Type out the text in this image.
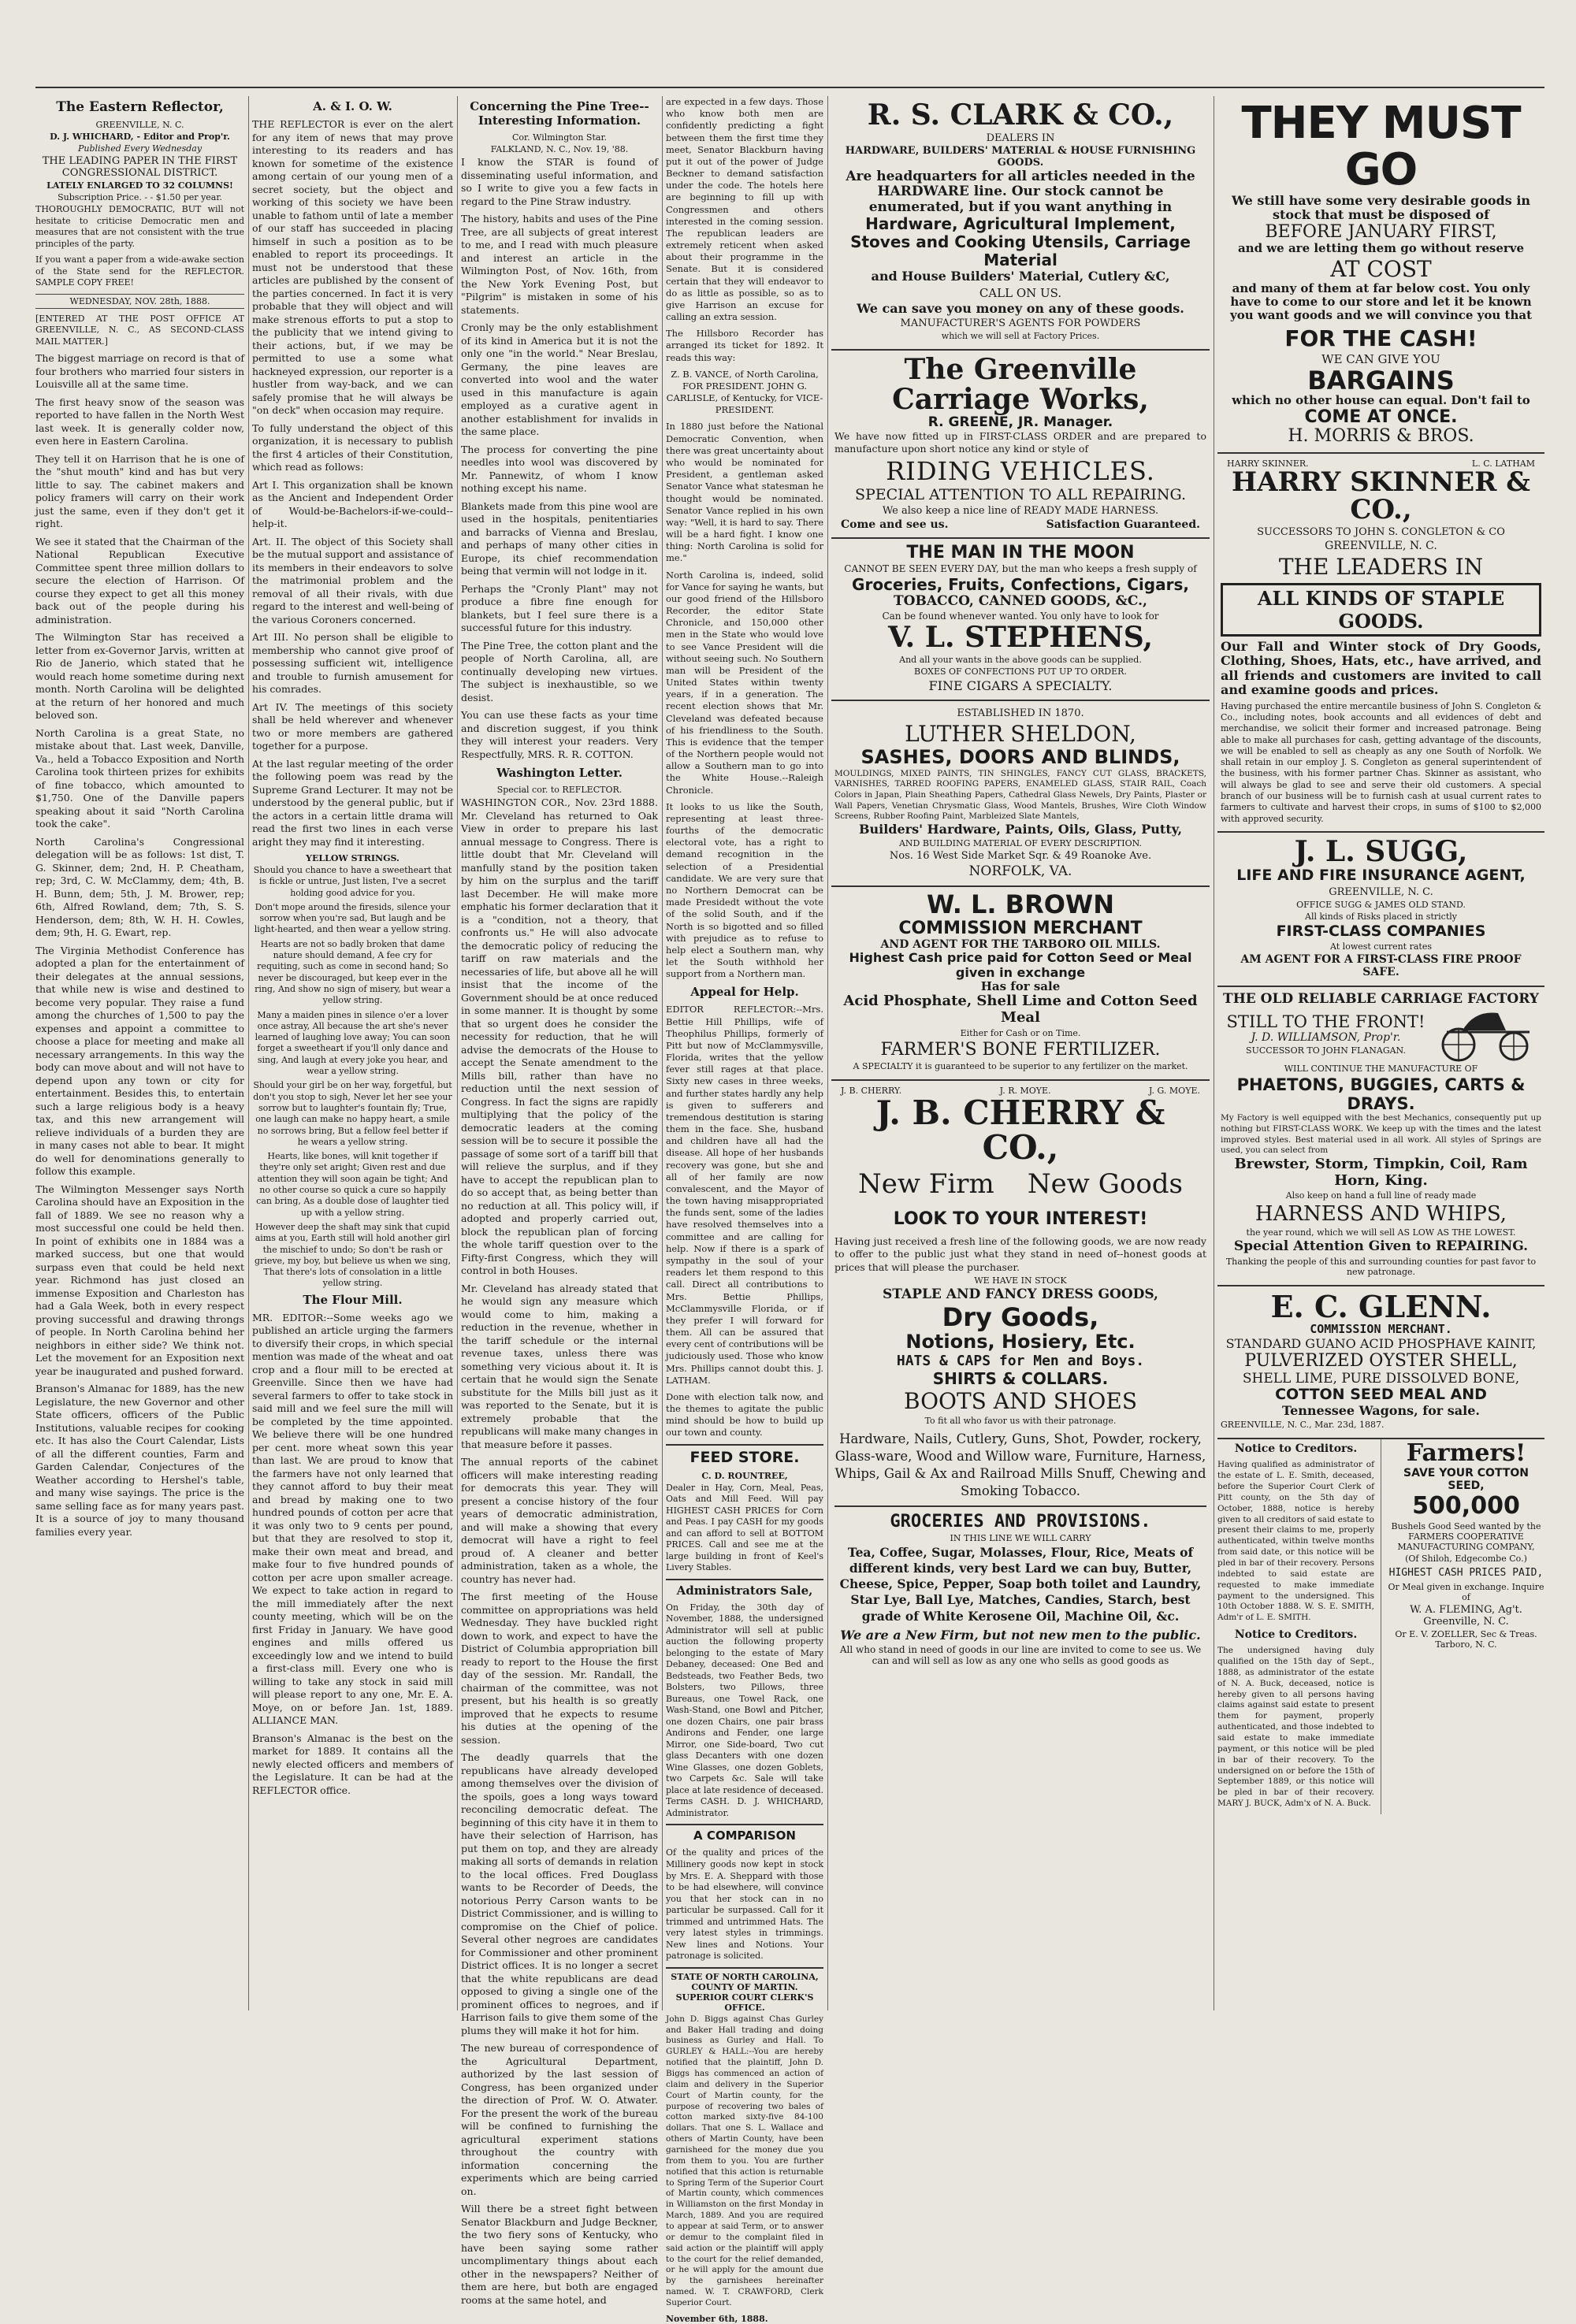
The Eastern Reflector,
GREENVILLE, N. C.
D. J. WHICHARD, - Editor and Prop'r.
Published Every Wednesday
THE LEADING PAPER IN THE FIRST CONGRESSIONAL DISTRICT.
LATELY ENLARGED TO 32 COLUMNS!
Subscription Price. - - $1.50 per year.

THOROUGHLY DEMOCRATIC, BUT will not hesitate to criticise Democratic men and measures that are not consistent with the true principles of the party.

If you want a paper from a wide-awake section of the State send for the REFLECTOR. SAMPLE COPY FREE!

WEDNESDAY, NOV. 28th, 1888.

[ENTERED AT THE POST OFFICE AT GREENVILLE, N. C., AS SECOND-CLASS MAIL MATTER.]

The biggest marriage on record is that of four brothers who married four sisters in Louisville all at the same time.

The first heavy snow of the season was reported to have fallen in the North West last week. It is generally colder now, even here in Eastern Carolina.

They tell it on Harrison that he is one of the "shut mouth" kind and has but very little to say. The cabinet makers and policy framers will carry on their work just the same, even if they don't get it right.

We see it stated that the Chairman of the National Republican Executive Committee spent three million dollars to secure the election of Harrison. Of course they expect to get all this money back out of the people during his administration.

The Wilmington Star has received a letter from ex-Governor Jarvis, written at Rio de Janerio, which stated that he would reach home sometime during next month. North Carolina will be delighted at the return of her honored and much beloved son.

North Carolina is a great State, no mistake about that. Last week, Danville, Va., held a Tobacco Exposition and North Carolina took thirteen prizes for exhibits of fine tobacco, which amounted to $1,750. One of the Danville papers speaking about it said "North Carolina took the cake".

North Carolina's Congressional delegation will be as follows: 1st dist, T. G. Skinner, dem; 2nd, H. P. Cheatham, rep; 3rd, C. W. McClammy, dem; 4th, B. H. Bunn, dem; 5th, J. M. Brower, rep; 6th, Alfred Rowland, dem; 7th, S. S. Henderson, dem; 8th, W. H. H. Cowles, dem; 9th, H. G. Ewart, rep.

The Virginia Methodist Conference has adopted a plan for the entertainment of their delegates at the annual sessions, that while new is wise and destined to become very popular. They raise a fund among the churches of 1,500 to pay the expenses and appoint a committee to choose a place for meeting and make all necessary arrangements. In this way the body can move about and will not have to depend upon any town or city for entertainment. Besides this, to entertain such a large religious body is a heavy tax, and this new arrangement will relieve individuals of a burden they are in many cases not able to bear. It might do well for denominations generally to follow this example.

The Wilmington Messenger says North Carolina should have an Exposition in the fall of 1889. We see no reason why a most successful one could be held then. In point of exhibits one in 1884 was a marked success, but one that would surpass even that could be held next year. Richmond has just closed an immense Exposition and Charleston has had a Gala Week, both in every respect proving successful and drawing throngs of people. In North Carolina behind her neighbors in either side? We think not. Let the movement for an Exposition next year be inaugurated and pushed forward.

Branson's Almanac for 1889, has the new Legislature, the new Governor and other State officers, officers of the Public Institutions, valuable recipes for cooking etc. It has also the Court Calendar, Lists of all the different counties, Farm and Garden Calendar, Conjectures of the Weather according to Hershel's table, and many wise sayings. The price is the same selling face as for many years past. It is a source of joy to many thousand families every year.

A. & I. O. W.

THE REFLECTOR is ever on the alert for any item of news that may prove interesting to its readers and has known for sometime of the existence among certain of our young men of a secret society, but the object and working of this society we have been unable to fathom until of late a member of our staff has succeeded in placing himself in such a position as to be enabled to report its proceedings. It must not be understood that these articles are published by the consent of the parties concerned. In fact it is very probable that they will object and will make strenous efforts to put a stop to the publicity that we intend giving to their actions, but, if we may be permitted to use a some what hackneyed expression, our reporter is a hustler from way-back, and we can safely promise that he will always be "on deck" when occasion may require.

To fully understand the object of this organization, it is necessary to publish the first 4 articles of their Constitution, which read as follows:

Art I. This organization shall be known as the Ancient and Independent Order of Would-be-Bachelors-if-we-could--help-it.

Art. II. The object of this Society shall be the mutual support and assistance of its members in their endeavors to solve the matrimonial problem and the removal of all their rivals, with due regard to the interest and well-being of the various Coroners concerned.

Art III. No person shall be eligible to membership who cannot give proof of possessing sufficient wit, intelligence and trouble to furnish amusement for his comrades.

Art IV. The meetings of this society shall be held wherever and whenever two or more members are gathered together for a purpose.

At the last regular meeting of the order the following poem was read by the Supreme Grand Lecturer. It may not be understood by the general public, but if the actors in a certain little drama will read the first two lines in each verse aright they may find it interesting.

YELLOW STRINGS.
Should you chance to have a sweetheart that is fickle or untrue, Just listen, I've a secret holding good advice for you.
Don't mope around the firesids, silence your sorrow when you're sad, But laugh and be light-hearted, and then wear a yellow string.
Hearts are not so badly broken that dame nature should demand, A fee cry for requiting, such as come in second hand; So never be discouraged, but keep ever in the ring, And show no sign of misery, but wear a yellow string.
Many a maiden pines in silence o'er a lover once astray, All because the art she's never learned of laughing love away; You can soon forget a sweetheart if you'll only dance and sing, And laugh at every joke you hear, and wear a yellow string.
Should your girl be on her way, forgetful, but don't you stop to sigh, Never let her see your sorrow but to laughter's fountain fly; True, one laugh can make no happy heart, a smile no sorrows bring, But a fellow feel better if he wears a yellow string.
Hearts, like bones, will knit together if they're only set aright; Given rest and due attention they will soon again be tight; And no other course so quick a cure so happily can bring, As a double dose of laughter tied up with a yellow string.
However deep the shaft may sink that cupid aims at you, Earth still will hold another girl the mischief to undo; So don't be rash or grieve, my boy, but believe us when we sing, That there's lots of consolation in a little yellow string.
The Flour Mill.

MR. EDITOR:--Some weeks ago we published an article urging the farmers to diversify their crops, in which special mention was made of the wheat and oat crop and a flour mill to be erected at Greenville. Since then we have had several farmers to offer to take stock in said mill and we feel sure the mill will be completed by the time appointed. We believe there will be one hundred per cent. more wheat sown this year than last. We are proud to know that the farmers have not only learned that they cannot afford to buy their meat and bread by making one to two hundred pounds of cotton per acre that it was only two to 9 cents per pound, but that they are resolved to stop it, make their own meat and bread, and make four to five hundred pounds of cotton per acre upon smaller acreage. We expect to take action in regard to the mill immediately after the next county meeting, which will be on the first Friday in January. We have good engines and mills offered us exceedingly low and we intend to build a first-class mill. Every one who is willing to take any stock in said mill will please report to any one, Mr. E. A. Moye, on or before Jan. 1st, 1889. ALLIANCE MAN.

Branson's Almanac is the best on the market for 1889. It contains all the newly elected officers and members of the Legislature. It can be had at the REFLECTOR office.

Concerning the Pine Tree--Interesting Information.
Cor. Wilmington Star.
FALKLAND, N. C., Nov. 19, '88.

I know the STAR is found of disseminating useful information, and so I write to give you a few facts in regard to the Pine Straw industry.

The history, habits and uses of the Pine Tree, are all subjects of great interest to me, and I read with much pleasure and interest an article in the Wilmington Post, of Nov. 16th, from the New York Evening Post, but "Pilgrim" is mistaken in some of his statements.

Cronly may be the only establishment of its kind in America but it is not the only one "in the world." Near Breslau, Germany, the pine leaves are converted into wool and the water used in this manufacture is again employed as a curative agent in another establishment for invalids in the same place.

The process for converting the pine needles into wool was discovered by Mr. Pannewitz, of whom I know nothing except his name.

Blankets made from this pine wool are used in the hospitals, penitentiaries and barracks of Vienna and Breslau, and perhaps of many other cities in Europe, its chief recommendation being that vermin will not lodge in it.

Perhaps the "Cronly Plant" may not produce a fibre fine enough for blankets, but I feel sure there is a successful future for this industry.

The Pine Tree, the cotton plant and the people of North Carolina, all, are continually developing new virtues. The subject is inexhaustible, so we desist.

You can use these facts as your time and discretion suggest, if you think they will interest your readers. Very Respectfully, MRS. R. R. COTTON.

Washington Letter.
Special cor. to REFLECTOR.

WASHINGTON COR., Nov. 23rd 1888. Mr. Cleveland has returned to Oak View in order to prepare his last annual message to Congress. There is little doubt that Mr. Cleveland will manfully stand by the position taken by him on the surplus and the tariff last December. He will make more emphatic his former declaration that it is a "condition, not a theory, that confronts us." He will also advocate the democratic policy of reducing the tariff on raw materials and the necessaries of life, but above all he will insist that the income of the Government should be at once reduced in some manner. It is thought by some that so urgent does he consider the necessity for reduction, that he will advise the democrats of the House to accept the Senate amendment to the Mills bill, rather than have no reduction until the next session of Congress. In fact the signs are rapidly multiplying that the policy of the democratic leaders at the coming session will be to secure it possible the passage of some sort of a tariff bill that will relieve the surplus, and if they have to accept the republican plan to do so accept that, as being better than no reduction at all. This policy will, if adopted and properly carried out, block the republican plan of forcing the whole tariff question over to the Fifty-first Congress, which they will control in both Houses.

Mr. Cleveland has already stated that he would sign any measure which would come to him, making a reduction in the revenue, whether in the tariff schedule or the internal revenue taxes, unless there was something very vicious about it. It is certain that he would sign the Senate substitute for the Mills bill just as it was reported to the Senate, but it is extremely probable that the republicans will make many changes in that measure before it passes.

The annual reports of the cabinet officers will make interesting reading for democrats this year. They will present a concise history of the four years of democratic administration, and will make a showing that every democrat will have a right to feel proud of. A cleaner and better administration, taken as a whole, the country has never had.

The first meeting of the House committee on appropriations was held Wednesday. They have buckled right down to work, and expect to have the District of Columbia appropriation bill ready to report to the House the first day of the session. Mr. Randall, the chairman of the committee, was not present, but his health is so greatly improved that he expects to resume his duties at the opening of the session.

The deadly quarrels that the republicans have already developed among themselves over the division of the spoils, goes a long ways toward reconciling democratic defeat. The beginning of this city have it in them to have their selection of Harrison, has put them on top, and they are already making all sorts of demands in relation to the local offices. Fred Douglass wants to be Recorder of Deeds, the notorious Perry Carson wants to be District Commissioner, and is willing to compromise on the Chief of police. Several other negroes are candidates for Commissioner and other prominent District offices. It is no longer a secret that the white republicans are dead opposed to giving a single one of the prominent offices to negroes, and if Harrison fails to give them some of the plums they will make it hot for him.

The new bureau of correspondence of the Agricultural Department, authorized by the last session of Congress, has been organized under the direction of Prof. W. O. Atwater. For the present the work of the bureau will be confined to furnishing the agricultural experiment stations throughout the country with information concerning the experiments which are being carried on.

Will there be a street fight between Senator Blackburn and Judge Beckner, the two fiery sons of Kentucky, who have been saying some rather uncomplimentary things about each other in the newspapers? Neither of them are here, but both are engaged rooms at the same hotel, and

are expected in a few days. Those who know both men are confidently predicting a fight between them the first time they meet, Senator Blackburn having put it out of the power of Judge Beckner to demand satisfaction under the code. The hotels here are beginning to fill up with Congressmen and others interested in the coming session. The republican leaders are extremely reticent when asked about their programme in the Senate. But it is considered certain that they will endeavor to do as little as possible, so as to give Harrison an excuse for calling an extra session.

The Hillsboro Recorder has arranged its ticket for 1892. It reads this way:

Z. B. VANCE, of North Carolina, FOR PRESIDENT. JOHN G. CARLISLE, of Kentucky, for VICE-PRESIDENT.

In 1880 just before the National Democratic Convention, when there was great uncertainty about who would be nominated for President, a gentleman asked Senator Vance what statesman he thought would be nominated. Senator Vance replied in his own way: "Well, it is hard to say. There will be a hard fight. I know one thing: North Carolina is solid for me."

North Carolina is, indeed, solid for Vance for saying he wants, but our good friend of the Hillsboro Recorder, the editor State Chronicle, and 150,000 other men in the State who would love to see Vance President will die without seeing such. No Southern man will be President of the United States within twenty years, if in a generation. The recent election shows that Mr. Cleveland was defeated because of his friendliness to the South. This is evidence that the temper of the Northern people would not allow a Southern man to go into the White House.--Raleigh Chronicle.

It looks to us like the South, representing at least three-fourths of the democratic electoral vote, has a right to demand recognition in the selection of a Presidential candidate. We are very sure that no Northern Democrat can be made Presidedt without the vote of the solid South, and if the North is so bigotted and so filled with prejudice as to refuse to help elect a Southern man, why let the South withhold her support from a Northern man.

Appeal for Help.

EDITOR REFLECTOR:--Mrs. Bettie Hill Phillips, wife of Theophilus Phillips, formerly of Pitt but now of McClammysville, Florida, writes that the yellow fever still rages at that place. Sixty new cases in three weeks, and further states hardly any help is given to sufferers and tremendous destitution is staring them in the face. She, husband and children have all had the disease. All hope of her husbands recovery was gone, but she and all of her family are now convalescent, and the Mayor of the town having misappropriated the funds sent, some of the ladies have resolved themselves into a committee and are calling for help. Now if there is a spark of sympathy in the soul of your readers let them respond to this call. Direct all contributions to Mrs. Bettie Phillips, McClammysville Florida, or if they prefer I will forward for them. All can be assured that every cent of contributions will be judiciously used. Those who know Mrs. Phillips cannot doubt this. J. LATHAM.

Done with election talk now, and the themes to agitate the public mind should be how to build up our town and county.

FEED STORE.
C. D. ROUNTREE,

Dealer in Hay, Corn, Meal, Peas, Oats and Mill Feed. Will pay HIGHEST CASH PRICES for Corn and Peas. I pay CASH for my goods and can afford to sell at BOTTOM PRICES. Call and see me at the large building in front of Keel's Livery Stables.

Administrators Sale,

On Friday, the 30th day of November, 1888, the undersigned Administrator will sell at public auction the following property belonging to the estate of Mary Debaney, deceased: One Bed and Bedsteads, two Feather Beds, two Bolsters, two Pillows, three Bureaus, one Towel Rack, one Wash-Stand, one Bowl and Pitcher, one dozen Chairs, one pair brass Andirons and Fender, one large Mirror, one Side-board, Two cut glass Decanters with one dozen Wine Glasses, one dozen Goblets, two Carpets &c. Sale will take place at late residence of deceased. Terms CASH. D. J. WHICHARD, Administrator.

A COMPARISON

Of the quality and prices of the Millinery goods now kept in stock by Mrs. E. A. Sheppard with those to be had elsewhere, will convince you that her stock can in no particular be surpassed. Call for it trimmed and untrimmed Hats. The very latest styles in trimmings. New lines and Notions. Your patronage is solicited.

STATE OF NORTH CAROLINA, COUNTY OF MARTIN. SUPERIOR COURT CLERK'S OFFICE.

John D. Biggs against Chas Gurley and Baker Hall trading and doing business as Gurley and Hall. To GURLEY & HALL:--You are hereby notified that the plaintiff, John D. Biggs has commenced an action of claim and delivery in the Superior Court of Martin county, for the purpose of recovering two bales of cotton marked sixty-five 84-100 dollars. That one S. L. Wallace and others of Martin County, have been garnisheed for the money due you from them to you. You are further notified that this action is returnable to Spring Term of the Superior Court of Martin county, which commences in Williamston on the first Monday in March, 1889. And you are required to appear at said Term, or to answer or demur to the complaint filed in said action or the plaintiff will apply to the court for the relief demanded, or he will apply for the amount due by the garnishees hereinafter named. W. T. CRAWFORD, Clerk Superior Court.

November 6th, 1888.
R. S. CLARK & CO.,
DEALERS IN
HARDWARE, BUILDERS' MATERIAL & HOUSE FURNISHING GOODS.
Are headquarters for all articles needed in the HARDWARE line. Our stock cannot be enumerated, but if you want anything in
Hardware, Agricultural Implement, Stoves and Cooking Utensils, Carriage Material
and House Builders' Material, Cutlery &C,
CALL ON US.
We can save you money on any of these goods.
MANUFACTURER'S AGENTS FOR POWDERS
which we will sell at Factory Prices.
The Greenville Carriage Works,
R. GREENE, JR. Manager.
We have now fitted up in FIRST-CLASS ORDER and are prepared to manufacture upon short notice any kind or style of
RIDING VEHICLES.
SPECIAL ATTENTION TO ALL REPAIRING.
We also keep a nice line of READY MADE HARNESS.
Come and see us.	Satisfaction Guaranteed.
THE MAN IN THE MOON
CANNOT BE SEEN EVERY DAY, but the man who keeps a fresh supply of
Groceries, Fruits, Confections, Cigars,
TOBACCO, CANNED GOODS, &C.,
Can be found whenever wanted. You only have to look for
V. L. STEPHENS,
And all your wants in the above goods can be supplied.
BOXES OF CONFECTIONS PUT UP TO ORDER.
FINE CIGARS A SPECIALTY.
ESTABLISHED IN 1870.
LUTHER SHELDON,
SASHES, DOORS AND BLINDS,
MOULDINGS, MIXED PAINTS, TIN SHINGLES, FANCY CUT GLASS, BRACKETS, VARNISHES, TARRED ROOFING PAPERS, ENAMELED GLASS, STAIR RAIL, Coach Colors in Japan, Plain Sheathing Papers, Cathedral Glass Newels, Dry Paints, Plaster or Wall Papers, Venetian Chrysmatic Glass, Wood Mantels, Brushes, Wire Cloth Window Screens, Rubber Roofing Paint, Marbleized Slate Mantels,
Builders' Hardware, Paints, Oils, Glass, Putty,
AND BUILDING MATERIAL OF EVERY DESCRIPTION.
Nos. 16 West Side Market Sqr. & 49 Roanoke Ave.
NORFOLK, VA.
W. L. BROWN
COMMISSION MERCHANT
AND AGENT FOR THE TARBORO OIL MILLS.
Highest Cash price paid for Cotton Seed or Meal given in exchange
Has for sale
Acid Phosphate, Shell Lime and Cotton Seed Meal
Either for Cash or on Time.
FARMER'S BONE FERTILIZER.
A SPECIALTY it is guaranteed to be superior to any fertilizer on the market.
J. B. CHERRY.	J. R. MOYE.	J. G. MOYE.
J. B. CHERRY & CO.,
New Firm New Goods
LOOK TO YOUR INTEREST!
Having just received a fresh line of the following goods, we are now ready to offer to the public just what they stand in need of--honest goods at prices that will please the purchaser.
WE HAVE IN STOCK
STAPLE AND FANCY DRESS GOODS,
Dry Goods,
Notions, Hosiery, Etc.
HATS & CAPS for Men and Boys.
SHIRTS & COLLARS.
BOOTS AND SHOES
To fit all who favor us with their patronage.
Hardware, Nails, Cutlery, Guns, Shot, Powder, rockery, Glass-ware, Wood and Willow ware, Furniture, Harness, Whips, Gail & Ax and Railroad Mills Snuff, Chewing and Smoking Tobacco.
GROCERIES AND PROVISIONS.
IN THIS LINE WE WILL CARRY
Tea, Coffee, Sugar, Molasses, Flour, Rice, Meats of different kinds, very best Lard we can buy, Butter, Cheese, Spice, Pepper, Soap both toilet and Laundry, Star Lye, Ball Lye, Matches, Candies, Starch, best grade of White Kerosene Oil, Machine Oil, &c.
We are a New Firm, but not new men to the public.
All who stand in need of goods in our line are invited to come to see us. We can and will sell as low as any one who sells as good goods as
THEY MUST GO
We still have some very desirable goods in stock that must be disposed of
BEFORE JANUARY FIRST,
and we are letting them go without reserve
AT COST
and many of them at far below cost. You only have to come to our store and let it be known you want goods and we will convince you that
FOR THE CASH!
WE CAN GIVE YOU
BARGAINS
which no other house can equal. Don't fail to
COME AT ONCE.
H. MORRIS & BROS.
HARRY SKINNER.	L. C. LATHAM
HARRY SKINNER & CO.,
SUCCESSORS TO JOHN S. CONGLETON & CO
GREENVILLE, N. C.
THE LEADERS IN
ALL KINDS OF STAPLE GOODS.
Our Fall and Winter stock of Dry Goods, Clothing, Shoes, Hats, etc., have arrived, and all friends and customers are invited to call and examine goods and prices.
Having purchased the entire mercantile business of John S. Congleton & Co., including notes, book accounts and all evidences of debt and merchandise, we solicit their former and increased patronage. Being able to make all purchases for cash, getting advantage of the discounts, we will be enabled to sell as cheaply as any one South of Norfolk. We shall retain in our employ J. S. Congleton as general superintendent of the business, with his former partner Chas. Skinner as assistant, who will always be glad to see and serve their old customers. A special branch of our business will be to furnish cash at usual current rates to farmers to cultivate and harvest their crops, in sums of $100 to $2,000 with approved security.
J. L. SUGG,
LIFE AND FIRE INSURANCE AGENT,
GREENVILLE, N. C.
OFFICE SUGG & JAMES OLD STAND.
All kinds of Risks placed in strictly
FIRST-CLASS COMPANIES
At lowest current rates
AM AGENT FOR A FIRST-CLASS FIRE PROOF SAFE.
THE OLD RELIABLE CARRIAGE FACTORY
STILL TO THE FRONT!
J. D. WILLIAMSON, Prop'r.
SUCCESSOR TO JOHN FLANAGAN.
WILL CONTINUE THE MANUFACTURE OF
PHAETONS, BUGGIES, CARTS & DRAYS.
My Factory is well equipped with the best Mechanics, consequently put up nothing but FIRST-CLASS WORK. We keep up with the times and the latest improved styles. Best material used in all work. All styles of Springs are used, you can select from
Brewster, Storm, Timpkin, Coil, Ram Horn, King.
Also keep on hand a full line of ready made
HARNESS AND WHIPS,
the year round, which we will sell AS LOW AS THE LOWEST.
Special Attention Given to REPAIRING.
Thanking the people of this and surrounding counties for past favor to new patronage.
E. C. GLENN.
COMMISSION MERCHANT.
STANDARD GUANO ACID PHOSPHAVE KAINIT,
PULVERIZED OYSTER SHELL,
SHELL LIME, PURE DISSOLVED BONE,
COTTON SEED MEAL AND
Tennessee Wagons, for sale.
GREENVILLE, N. C., Mar. 23d, 1887.
Notice to Creditors.

Having qualified as administrator of the estate of L. E. Smith, deceased, before the Superior Court Clerk of Pitt county, on the 5th day of October, 1888, notice is hereby given to all creditors of said estate to present their claims to me, properly authenticated, within twelve months from said date, or this notice will be pled in bar of their recovery. Persons indebted to said estate are requested to make immediate payment to the undersigned. This 10th October 1888. W. S. E. SMITH, Adm'r of L. E. SMITH.

Notice to Creditors.

The undersigned having duly qualified on the 15th day of Sept., 1888, as administrator of the estate of N. A. Buck, deceased, notice is hereby given to all persons having claims against said estate to present them for payment, properly authenticated, and those indebted to said estate to make immediate payment, or this notice will be pled in bar of their recovery. To the undersigned on or before the 15th of September 1889, or this notice will be pled in bar of their recovery. MARY J. BUCK, Adm'x of N. A. Buck.

Farmers!
SAVE YOUR COTTON SEED,
500,000
Bushels Good Seed wanted by the FARMERS COOPERATIVE MANUFACTURING COMPANY,
(Of Shiloh, Edgecombe Co.)
HIGHEST CASH PRICES PAID,
Or Meal given in exchange. Inquire of
W. A. FLEMING, Ag't. Greenville, N. C.
Or E. V. ZOELLER, Sec & Treas. Tarboro, N. C.
